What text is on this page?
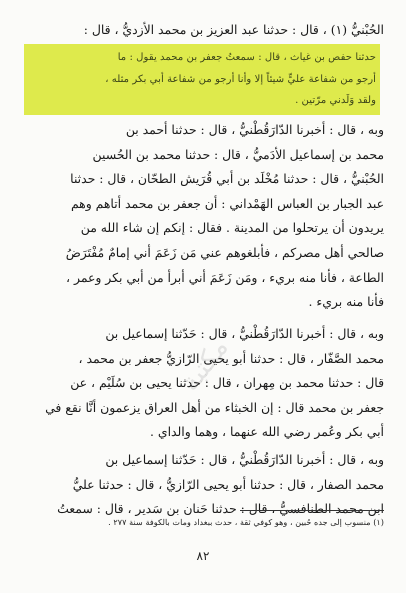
الحُبْنيُّ (١) ، قال : حدثنا عبد العزيز بن محمد الأزديُّ ، قال :
حدثنا حفص بن غياث ، قال : سمعتُ جعفر بن محمد يقول : ما
أرجو من شفاعة عليٍّ شيئاً إلا وأنا أرجو من شفاعة أبي بكر مثله ،
ولقد وَلَدني مرّتين .
وبه ، قال : أخبرنا الدّارَقُطْنيُّ ، قال : حدثنا أحمد بن
محمد بن إسماعيل الأدَميُّ ، قال : حدثنا محمد بن الحُسين
الحُبْنيُّ ، قال : حدثنا مُخْلَد بن أبي قُرَيش الطحّان ، قال : حدثنا
عبد الجبار بن العباس الهَمْداني : أن جعفر بن محمد أتاهم وهم
يريدون أن يرتحلوا من المدينة . فقال : إنكم إن شاء الله من
صالحي أهل مصركم ، فأبلغوهم عني مَن زَعَمَ أني إمامٌ مُفْتَرَضُ
الطاعة ، فأنا منه بريء ، ومَن زَعَمَ أني أبرأ من أبي بكر وعمر ،
فأنا منه بريء .
وبه ، قال : أخبرنا الدّارَقُطْنيُّ ، قال : حَدّثنا إسماعيل بن
محمد الصَّفّار ، قال : حدثنا أبو يحيى الرّازيُّ جعفر بن محمد ،
قال : حدثنا محمد بن مِهران ، قال : حدثنا يحيى بن سُلَيْم ، عن
جعفر بن محمد قال : إن الخبثاء من أهل العراق يزعمون أنَّا نقع في
أبي بكر وعُمر رضي الله عنهما ، وهما والداي .
وبه ، قال : أخبرنا الدّارَقُطْنيُّ ، قال : حَدّثنا إسماعيل بن
محمد الصفار ، قال : حدثنا أبو يحيى الرّازيُّ ، قال : حدثنا عليُّ
ابن محمد الطنافسيُّ ، قال : حدثنا حَنان بن سَدير ، قال : سمعتُ
مكتبة
(١) منسوب إلى جده حُبين ، وهو كوفي ثقة ، حدث ببغداد ومات بالكوفة سنة ٢٧٧ .
٨٢
